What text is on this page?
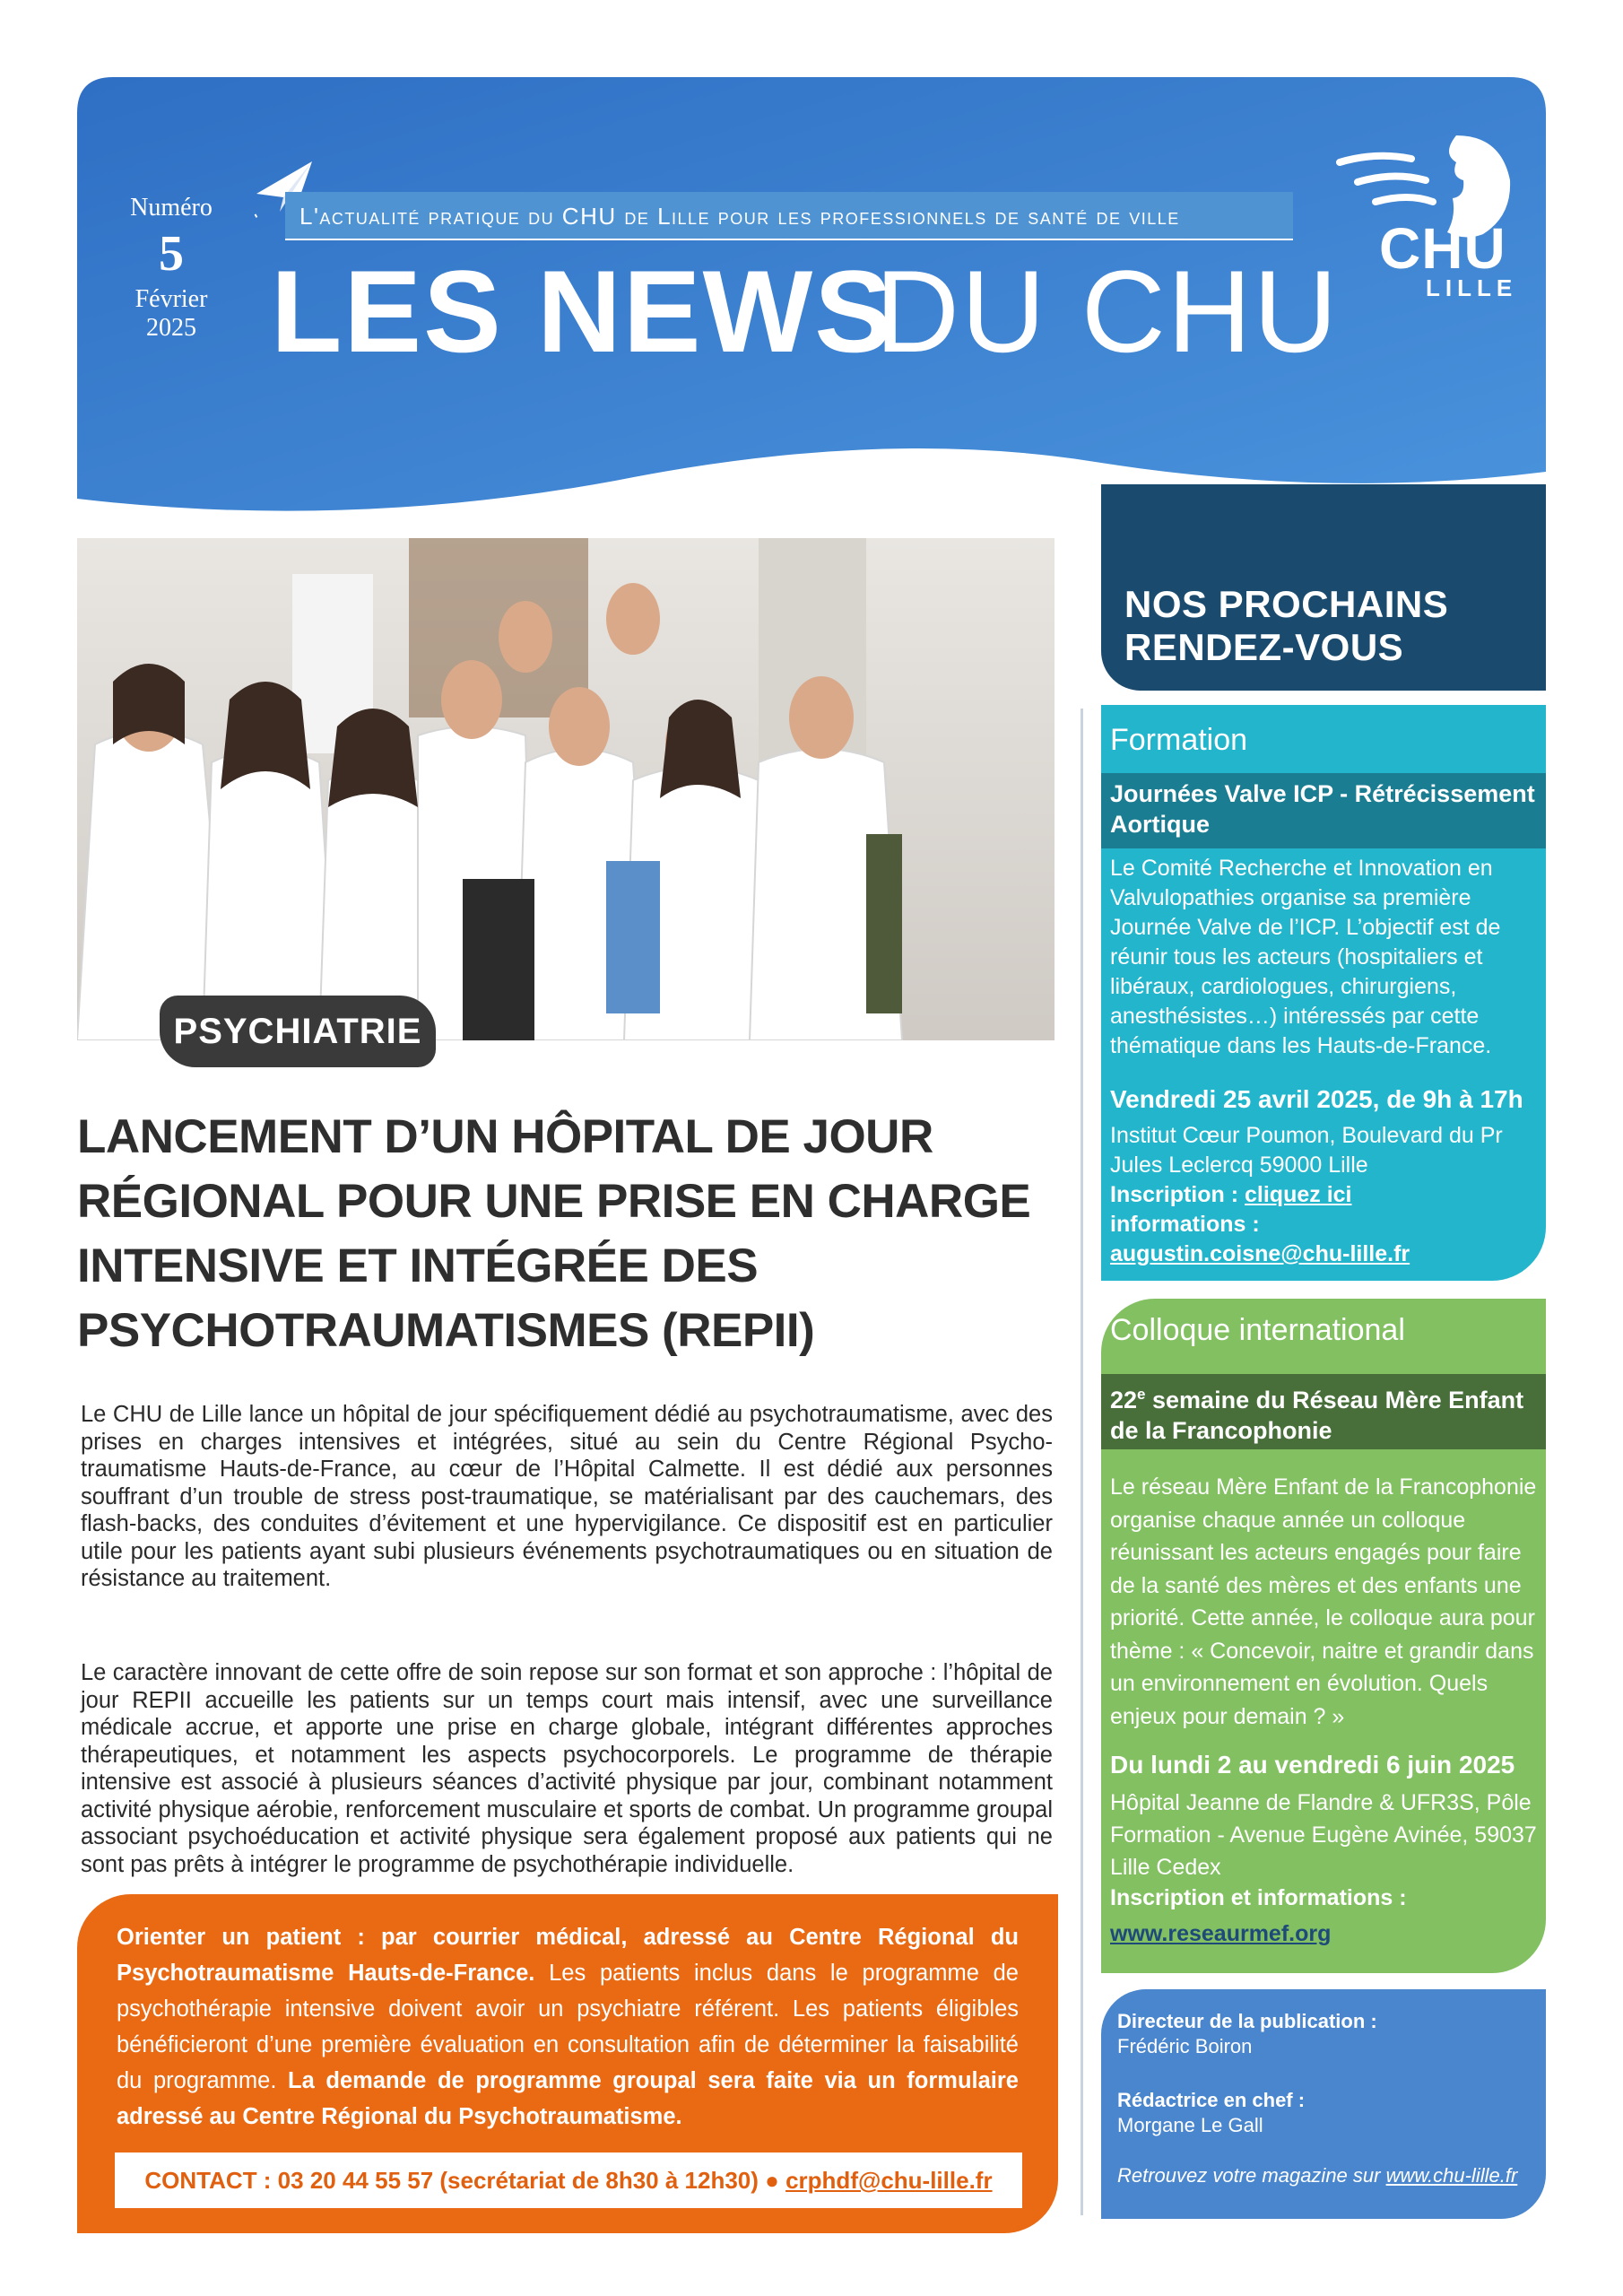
Numéro
5
Février
2025
L'actualité pratique du CHU de Lille pour les professionnels de santé de ville
LES NEWS
DU CHU CHU
LILLE
PSYCHIATRIE
LANCEMENT D’UN HÔPITAL DE JOUR RÉGIONAL POUR UNE PRISE EN CHARGE INTENSIVE ET INTÉGRÉE DES PSYCHOTRAUMATISMES (REPII)
Le CHU de Lille lance un hôpital de jour spécifiquement dédié au psychotraumatisme, avec des prises en charges intensives et intégrées, situé au sein du Centre Régional Psycho-traumatisme Hauts-de-France, au cœur de l’Hôpital Calmette. Il est dédié aux personnes souffrant d’un trouble de stress post-traumatique, se matérialisant par des cauchemars, des flash-backs, des conduites d’évitement et une hypervigilance. Ce dispositif est en particulier utile pour les patients ayant subi plusieurs événements psychotraumatiques ou en situation de résistance au traitement.
Le caractère innovant de cette offre de soin repose sur son format et son approche : l’hôpital de jour REPII accueille les patients sur un temps court mais intensif, avec une surveillance médicale accrue, et apporte une prise en charge globale, intégrant différentes approches thérapeutiques, et notamment les aspects psychocorporels. Le programme de thérapie intensive est associé à plusieurs séances d’activité physique par jour, combinant notamment activité physique aérobie, renforcement musculaire et sports de combat. Un programme groupal associant psychoéducation et activité physique sera également proposé aux patients qui ne sont pas prêts à intégrer le programme de psychothérapie individuelle.
Orienter un patient : par courrier médical, adressé au Centre Régional du Psychotraumatisme Hauts-de-France. Les patients inclus dans le programme de psychothérapie intensive doivent avoir un psychiatre référent. Les patients éligibles bénéficieront d’une première évaluation en consultation afin de déterminer la faisabilité du programme. La demande de programme groupal sera faite via un formulaire adressé au Centre Régional du Psychotraumatisme.
CONTACT : 03 20 44 55 57 (secrétariat de 8h30 à 12h30) ● crphdf@chu-lille.fr
NOS PROCHAINS
RENDEZ-VOUS
Formation
Journées Valve ICP - Rétrécissement Aortique
Le Comité Recherche et Innovation en Valvulopathies organise sa première Journée Valve de l’ICP. L’objectif est de réunir tous les acteurs (hospitaliers et libéraux, cardiologues, chirurgiens, anesthésistes…) intéressés par cette thématique dans les Hauts-de-France.
Vendredi 25 avril 2025, de 9h à 17h
Institut Cœur Poumon, Boulevard du Pr Jules Leclercq 59000 Lille
Inscription : cliquez ici
informations :
augustin.coisne@chu-lille.fr
Colloque international
22e semaine du Réseau Mère Enfant de la Francophonie
Le réseau Mère Enfant de la Francophonie organise chaque année un colloque réunissant les acteurs engagés pour faire de la santé des mères et des enfants une priorité. Cette année, le colloque aura pour thème : « Concevoir, naitre et grandir dans un environnement en évolution. Quels enjeux pour demain ? »
Du lundi 2 au vendredi 6 juin 2025
Hôpital Jeanne de Flandre & UFR3S, Pôle Formation - Avenue Eugène Avinée, 59037 Lille Cedex
Inscription et informations :
www.reseaurmef.org
Directeur de la publication :
Frédéric Boiron
Rédactrice en chef :
Morgane Le Gall
Retrouvez votre magazine sur www.chu-lille.fr
